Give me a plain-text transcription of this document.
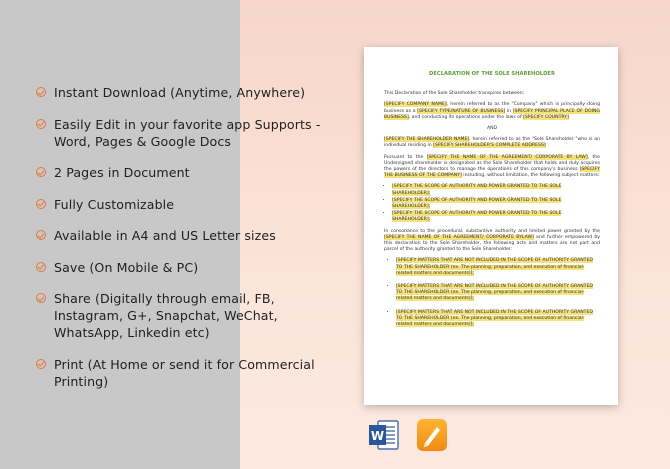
Instant Download (Anytime, Anywhere)
Easily Edit in your favorite app Supports - Word, Pages & Google Docs
2 Pages in Document
Fully Customizable
Available in A4 and US Letter sizes
Save (On Mobile & PC)
Share (Digitally through email, FB, Instagram, G+, Snapchat, WeChat, WhatsApp, Linkedin etc)
Print (At Home or send it for Commercial Printing)
DECLARATION OF THE SOLE SHAREHOLDER

This Declaration of the Sole Shareholder transpires between:

[SPECIFY COMPANY NAME], herein referred to as the "Company" which is principally doing business as a [SPECIFY TYPE/NATURE OF BUSINESS] in [SPECIFY PRINCIPAL PLACE OF DOING BUSINESS], and conducting its operations under the laws of [SPECIFY COUNTRY]

AND

[SPECIFY THE SHAREHOLDER NAME], herein referred to as the "Sole Shareholder "who is an individual residing in [SPECIFY SHAREHOLDER'S COMPLETE ADDRESS]

Pursuant to the [SPECIFY THE NAME OF THE AGREEMENT/ CORPORATE BY LAW], the Undersigned shareholder is designated as the Sole Shareholder that holds and duly acquires the powers of the directors to manage the operations of this company's business [SPECIFY THE BUSINESS OF THE COMPANY] including, without limitation, the following subject matters:

• [SPECIFY THE SCOPE OF AUTHORITY AND POWER GRANTED TO THE SOLE SHAREHOLDER];
• [SPECIFY THE SCOPE OF AUTHORITY AND POWER GRANTED TO THE SOLE SHAREHOLDER];
• [SPECIFY THE SCOPE OF AUTHORITY AND POWER GRANTED TO THE SOLE SHAREHOLDER];

In consonance to the procedural, substantive authority and limited power granted by the [SPECIFY THE NAME OF THE AGREEMENT/ CORPORATE BYLAW] and further empowered by this declaration to the Sole Shareholder, the following acts and matters are not part and parcel of the authority granted to the Sole Shareholder:

• [SPECIFY MATTERS THAT ARE NOT INCLUDED IN THE SCOPE OF AUTHORITY GRANTED TO THE SHAREHOLDER (ex. The planning, preparation, and execution of financial-related matters and documents)];
• [SPECIFY MATTERS THAT ARE NOT INCLUDED IN THE SCOPE OF AUTHORITY GRANTED TO THE SHAREHOLDER (ex. The planning, preparation, and execution of financial-related matters and documents)];
• [SPECIFY MATTERS THAT ARE NOT INCLUDED IN THE SCOPE OF AUTHORITY GRANTED TO THE SHAREHOLDER (ex. The planning, preparation, and execution of financial-related matters and documents)];
W
